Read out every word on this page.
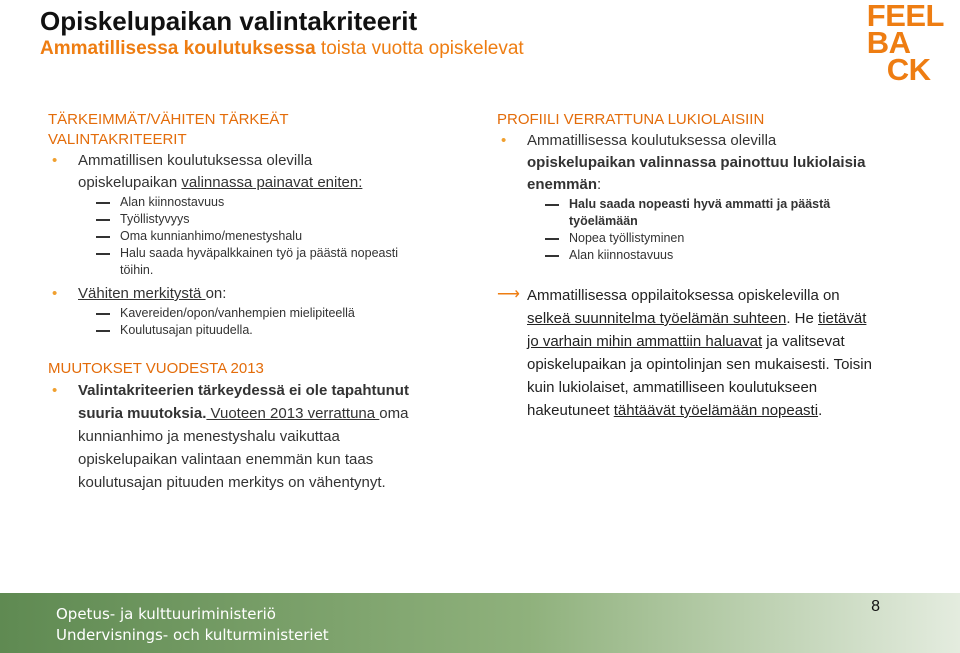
Opiskelupaikan valintakriteerit
Ammatillisessa koulutuksessa toista vuotta opiskelevat
FEEL
BA
CK
TÄRKEIMMÄT/VÄHITEN TÄRKEÄT
VALINTAKRITEERIT
• Ammatillisen koulutuksessa olevilla
opiskelupaikan valinnassa painavat eniten:
Alan kiinnostavuus
Työllistyvyys
Oma kunnianhimo/menestyshalu
Halu saada hyväpalkkainen työ ja päästä nopeasti
töihin.
• Vähiten merkitystä on:
Kavereiden/opon/vanhempien mielipiteellä
Koulutusajan pituudella.
MUUTOKSET VUODESTA 2013
• Valintakriteerien tärkeydessä ei ole tapahtunut
suuria muutoksia. Vuoteen 2013 verrattuna oma
kunnianhimo ja menestyshalu vaikuttaa
opiskelupaikan valintaan enemmän kun taas
koulutusajan pituuden merkitys on vähentynyt.
PROFIILI VERRATTUNA LUKIOLAISIIN
• Ammatillisessa koulutuksessa olevilla
opiskelupaikan valinnassa painottuu lukiolaisia
enemmän:
Halu saada nopeasti hyvä ammatti ja päästä
työelämään
Nopea työllistyminen
Alan kiinnostavuus
⟶ Ammatillisessa oppilaitoksessa opiskelevilla on
selkeä suunnitelma työelämän suhteen. He tietävät
jo varhain mihin ammattiin haluavat ja valitsevat
opiskelupaikan ja opintolinjan sen mukaisesti. Toisin
kuin lukiolaiset, ammatilliseen koulutukseen
hakeutuneet tähtäävät työelämään nopeasti.
Opetus- ja kulttuuriministeriö
Undervisnings- och kulturministeriet
8
